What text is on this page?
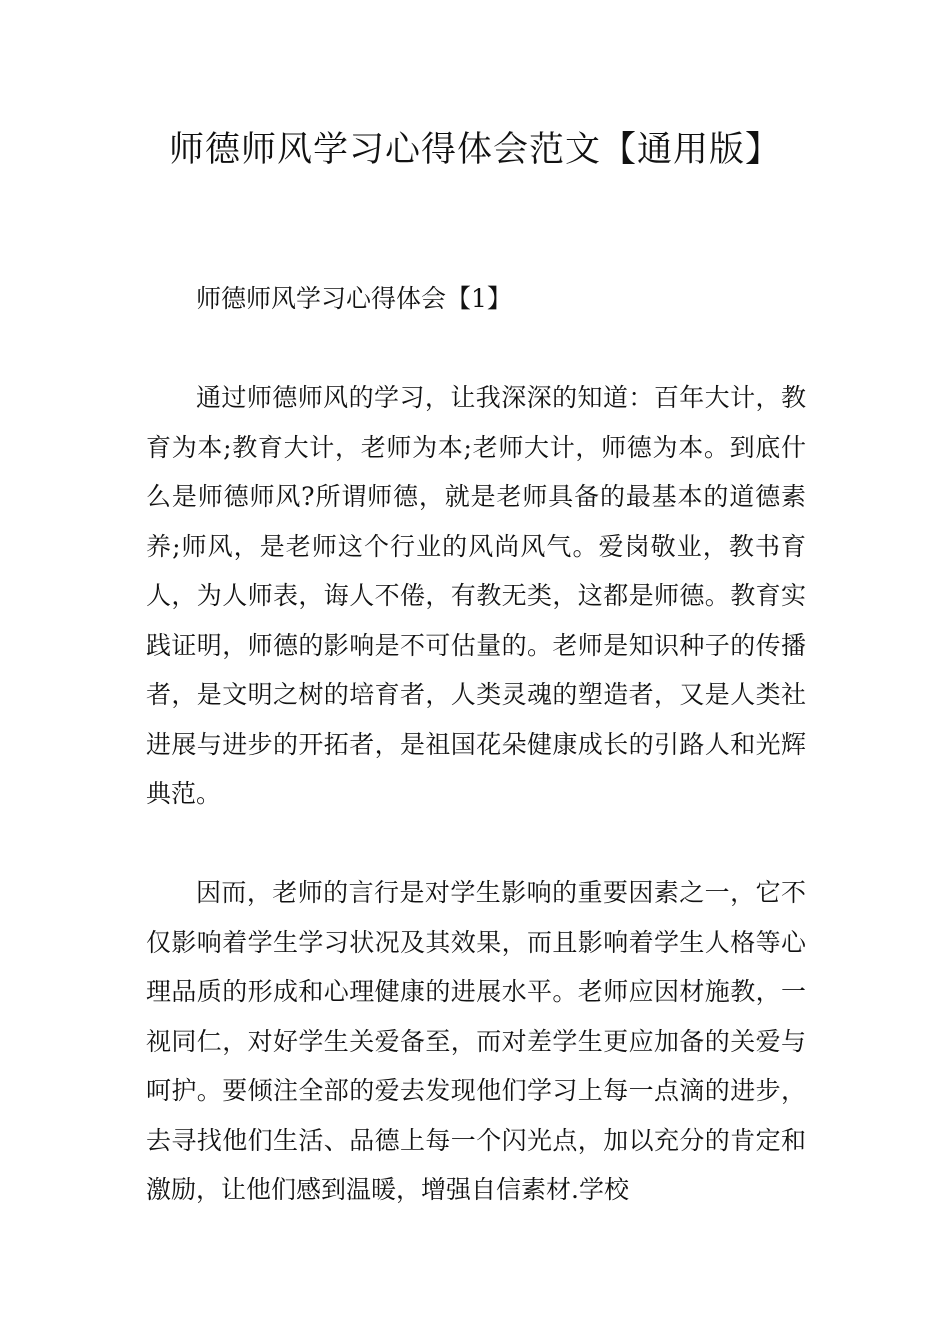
师德师风学习心得体会范文【通用版】

师德师风学习心得体会【1】

通过师德师风的学习，让我深深的知道：百年大计，教育为本;教育大计，老师为本;老师大计，师德为本。到底什么是师德师风?所谓师德，就是老师具备的最基本的道德素养;师风，是老师这个行业的风尚风气。爱岗敬业，教书育人，为人师表，诲人不倦，有教无类，这都是师德。教育实践证明，师德的影响是不可估量的。老师是知识种子的传播者，是文明之树的培育者，人类灵魂的塑造者，又是人类社进展与进步的开拓者，是祖国花朵健康成长的引路人和光辉典范。

因而，老师的言行是对学生影响的重要因素之一，它不仅影响着学生学习状况及其效果，而且影响着学生人格等心理品质的形成和心理健康的进展水平。老师应因材施教，一视同仁，对好学生关爱备至，而对差学生更应加备的关爱与呵护。要倾注全部的爱去发现他们学习上每一点滴的进步，去寻找他们生活、品德上每一个闪光点，加以充分的肯定和激励，让他们感到温暖，增强自信素材.学校
